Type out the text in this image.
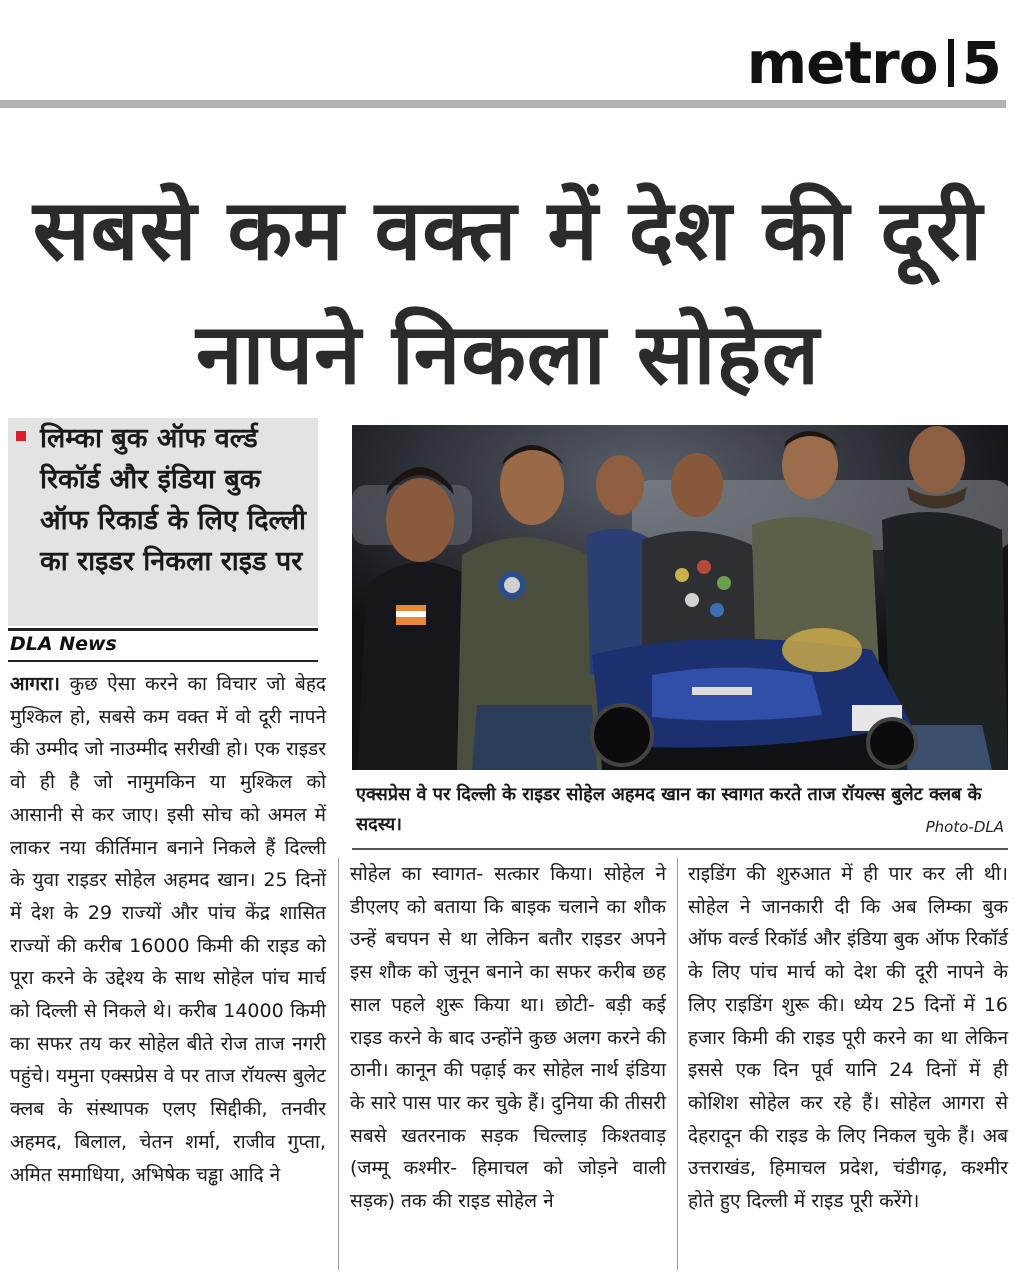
metro 5
सबसे कम वक्त में देश की दूरी नापने निकला सोहेल
लिम्का बुक ऑफ वर्ल्ड रिकॉर्ड और इंडिया बुक ऑफ रिकार्ड के लिए दिल्ली का राइडर निकला राइड पर
DLA News
एक्सप्रेस वे पर दिल्ली के राइडर सोहेल अहमद खान का स्वागत करते ताज रॉयल्स बुलेट क्लब के सदस्य।	Photo-DLA
आगरा। कुछ ऐसा करने का विचार जो बेहद मुश्किल हो, सबसे कम वक्त में वो दूरी नापने की उम्मीद जो नाउम्मीद सरीखी हो। एक राइडर वो ही है जो नामुमकिन या मुश्किल को आसानी से कर जाए। इसी सोच को अमल में लाकर नया कीर्तिमान बनाने निकले हैं दिल्ली के युवा राइडर सोहेल अहमद खान। 25 दिनों में देश के 29 राज्यों और पांच केंद्र शासित राज्यों की करीब 16000 किमी की राइड को पूरा करने के उद्देश्य के साथ सोहेल पांच मार्च को दिल्ली से निकले थे। करीब 14000 किमी का सफर तय कर सोहेल बीते रोज ताज नगरी पहुंचे। यमुना एक्सप्रेस वे पर ताज रॉयल्स बुलेट क्लब के संस्थापक एलए सिद्दीकी, तनवीर अहमद, बिलाल, चेतन शर्मा, राजीव गुप्ता, अमित समाधिया, अभिषेक चड्ढा आदि ने
सोहेल का स्वागत- सत्कार किया। सोहेल ने डीएलए को बताया कि बाइक चलाने का शौक उन्हें बचपन से था लेकिन बतौर राइडर अपने इस शौक को जुनून बनाने का सफर करीब छह साल पहले शुरू किया था। छोटी- बड़ी कई राइड करने के बाद उन्होंने कुछ अलग करने की ठानी। कानून की पढ़ाई कर सोहेल नार्थ इंडिया के सारे पास पार कर चुके हैं। दुनिया की तीसरी सबसे खतरनाक सड़क चिल्लाड़ किश्तवाड़ (जम्मू कश्मीर- हिमाचल को जोड़ने वाली सड़क) तक की राइड सोहेल ने
राइडिंग की शुरुआत में ही पार कर ली थी। सोहेल ने जानकारी दी कि अब लिम्का बुक ऑफ वर्ल्ड रिकॉर्ड और इंडिया बुक ऑफ रिकॉर्ड के लिए पांच मार्च को देश की दूरी नापने के लिए राइडिंग शुरू की। ध्येय 25 दिनों में 16 हजार किमी की राइड पूरी करने का था लेकिन इससे एक दिन पूर्व यानि 24 दिनों में ही कोशिश सोहेल कर रहे हैं। सोहेल आगरा से देहरादून की राइड के लिए निकल चुके हैं। अब उत्तराखंड, हिमाचल प्रदेश, चंडीगढ़, कश्मीर होते हुए दिल्ली में राइड पूरी करेंगे।
